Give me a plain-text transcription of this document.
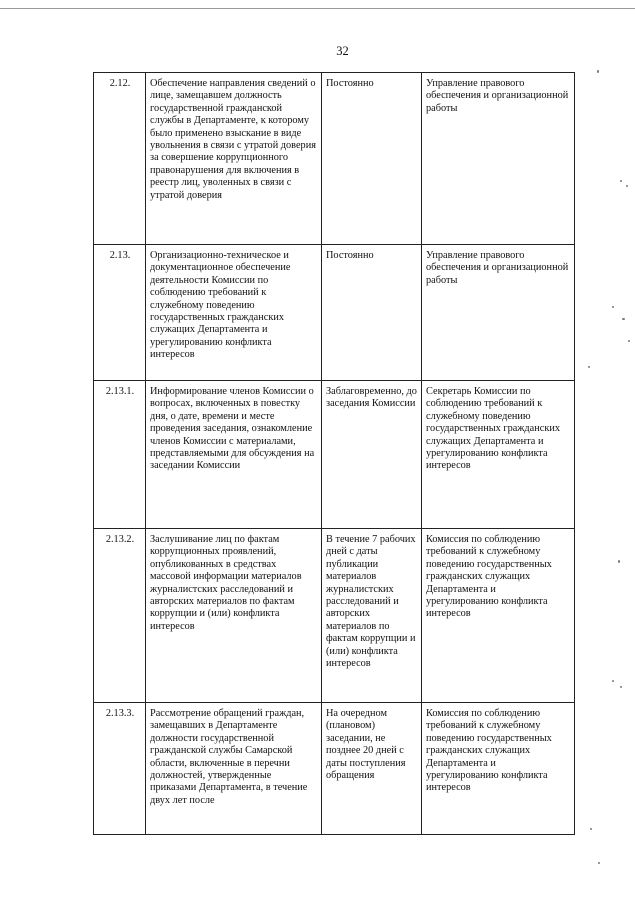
32
2.12.	Обеспечение направления сведений о лице, замещавшем должность государственной гражданской службы в Департаменте, к которому было применено взыскание в виде увольнения в связи с утратой доверия за совершение коррупционного правонарушения для включения в реестр лиц, уволенных в связи с утратой доверия	Постоянно	Управление правового обеспечения и организационной работы
2.13.	Организационно-техническое и документационное обеспечение деятельности Комиссии по соблюдению требований к служебному поведению государственных гражданских служащих Департамента и урегулированию конфликта интересов	Постоянно	Управление правового обеспечения и организационной работы
2.13.1.	Информирование членов Комиссии о вопросах, включенных в повестку дня, о дате, времени и месте проведения заседания, ознакомление членов Комиссии с материалами, представляемыми для обсуждения на заседании Комиссии	Заблаговременно, до заседания Комиссии	Секретарь Комиссии по соблюдению требований к служебному поведению государственных гражданских служащих Департамента и урегулированию конфликта интересов
2.13.2.	Заслушивание лиц по фактам коррупционных проявлений, опубликованных в средствах массовой информации материалов журналистских расследований и авторских материалов по фактам коррупции и (или) конфликта интересов	В течение 7 рабочих дней с даты публикации материалов журналистских расследований и авторских материалов по фактам коррупции и (или) конфликта интересов	Комиссия по соблюдению требований к служебному поведению государственных гражданских служащих Департамента и урегулированию конфликта интересов
2.13.3.	Рассмотрение обращений граждан, замещавших в Департаменте должности государственной гражданской службы Самарской области, включенные в перечни должностей, утвержденные приказами Департамента, в течение двух лет после	На очередном (плановом) заседании, не позднее 20 дней с даты поступления обращения	Комиссия по соблюдению требований к служебному поведению государственных гражданских служащих Департамента и урегулированию конфликта интересов
